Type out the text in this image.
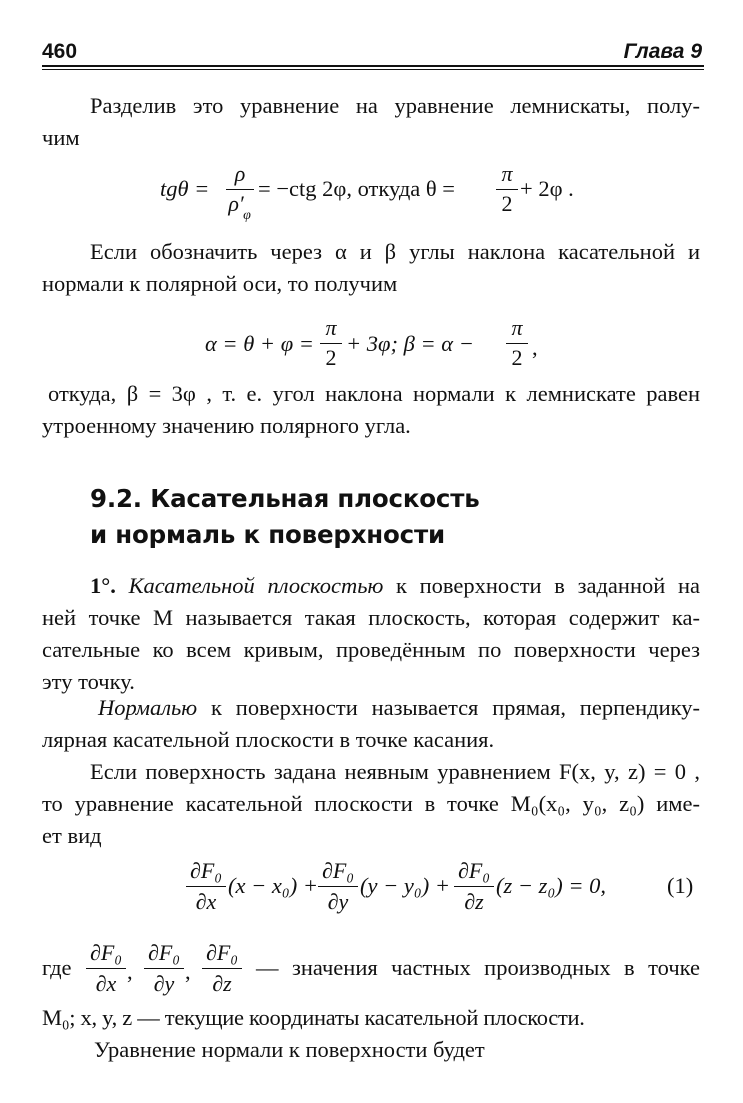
460	Глава 9
Разделив это уравнение на уравнение лемнискаты, полу-
чим
tgθ =
ρ
ρ′ φ
= −ctg 2φ, откуда θ =
π
2
+ 2φ .
Если обозначить через α и β углы наклона касательной и
нормали к полярной оси, то получим
α = θ + φ =
π
2
+ 3φ; β = α −
π
2 ,
откуда, β = 3φ , т. е. угол наклона нормали к лемнискате равен
утроенному значению полярного угла.
9.2. Касательная плоскость
и нормаль к поверхности
1°. Касательной плоскостью к поверхности в заданной на
ней точке M называется такая плоскость, которая содержит ка-
сательные ко всем кривым, проведённым по поверхности через
эту точку.
Нормалью к поверхности называется прямая, перпендику-
лярная касательной плоскости в точке касания.
Если поверхность задана неявным уравнением F(x, y, z) = 0 ,
то уравнение касательной плоскости в точке M₀(x₀, y₀, z₀) име-
ет вид
∂F₀
∂x
(x − x₀) +
∂F₀
∂y
(y − y₀) +
∂F₀
∂z
(z − z₀) = 0,	(1)
где
∂F₀
∂x ,
∂F₀
∂y ,
∂F₀
∂z
— значения частных производных в точке
M₀; x, y, z — текущие координаты касательной плоскости.
Уравнение нормали к поверхности будет
